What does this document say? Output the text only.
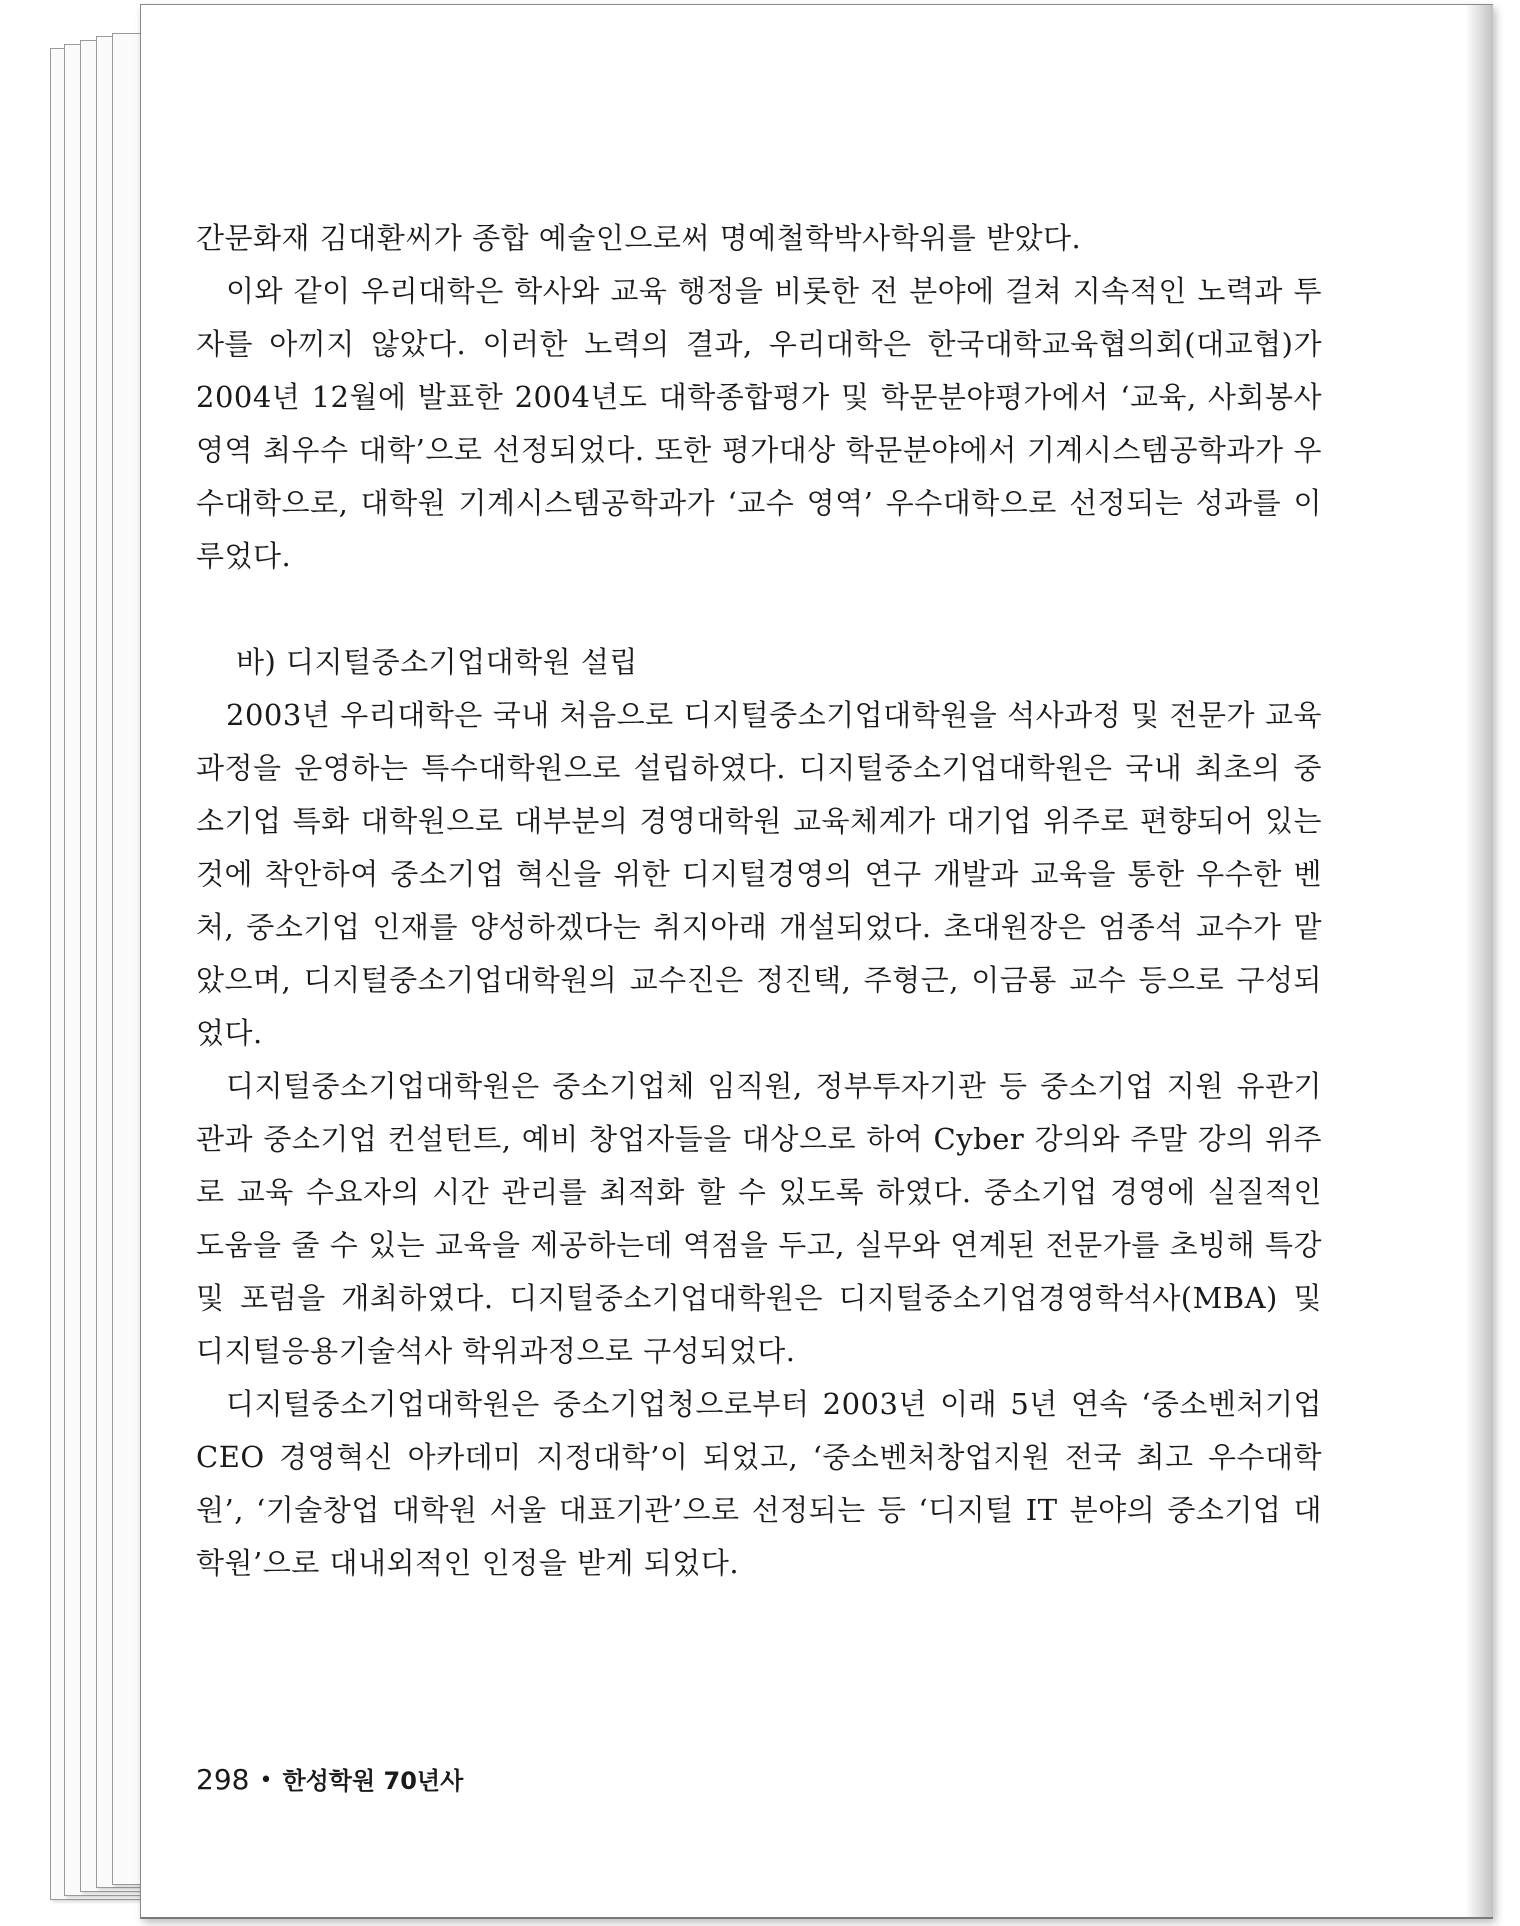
간문화재 김대환씨가 종합 예술인으로써 명예철학박사학위를 받았다.

이와 같이 우리대학은 학사와 교육 행정을 비롯한 전 분야에 걸쳐 지속적인 노력과 투자를 아끼지 않았다. 이러한 노력의 결과, 우리대학은 한국대학교육협의회(대교협)가 2004년 12월에 발표한 2004년도 대학종합평가 및 학문분야평가에서 ‘교육, 사회봉사 영역 최우수 대학’으로 선정되었다. 또한 평가대상 학문분야에서 기계시스템공학과가 우수대학으로, 대학원 기계시스템공학과가 ‘교수 영역’ 우수대학으로 선정되는 성과를 이루었다.

바) 디지털중소기업대학원 설립

2003년 우리대학은 국내 처음으로 디지털중소기업대학원을 석사과정 및 전문가 교육과정을 운영하는 특수대학원으로 설립하였다. 디지털중소기업대학원은 국내 최초의 중소기업 특화 대학원으로 대부분의 경영대학원 교육체계가 대기업 위주로 편향되어 있는 것에 착안하여 중소기업 혁신을 위한 디지털경영의 연구 개발과 교육을 통한 우수한 벤처, 중소기업 인재를 양성하겠다는 취지아래 개설되었다. 초대원장은 엄종석 교수가 맡았으며, 디지털중소기업대학원의 교수진은 정진택, 주형근, 이금룡 교수 등으로 구성되었다.

디지털중소기업대학원은 중소기업체 임직원, 정부투자기관 등 중소기업 지원 유관기관과 중소기업 컨설턴트, 예비 창업자들을 대상으로 하여 Cyber 강의와 주말 강의 위주로 교육 수요자의 시간 관리를 최적화 할 수 있도록 하였다. 중소기업 경영에 실질적인 도움을 줄 수 있는 교육을 제공하는데 역점을 두고, 실무와 연계된 전문가를 초빙해 특강 및 포럼을 개최하였다. 디지털중소기업대학원은 디지털중소기업경영학석사(MBA) 및 디지털응용기술석사 학위과정으로 구성되었다.

디지털중소기업대학원은 중소기업청으로부터 2003년 이래 5년 연속 ‘중소벤처기업 CEO 경영혁신 아카데미 지정대학’이 되었고, ‘중소벤처창업지원 전국 최고 우수대학원’, ‘기술창업 대학원 서울 대표기관’으로 선정되는 등 ‘디지털 IT 분야의 중소기업 대학원’으로 대내외적인 인정을 받게 되었다.

298 • 한성학원 70년사
